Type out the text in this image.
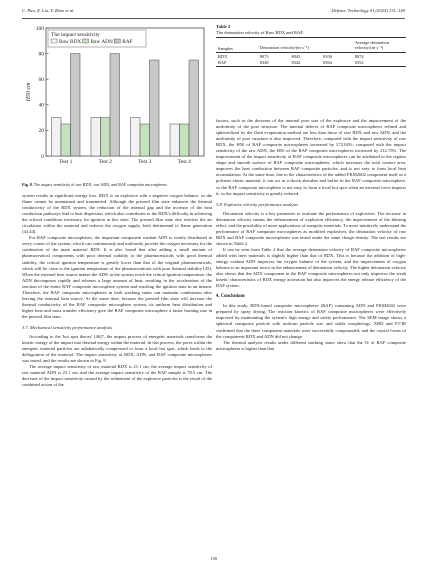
C. Pan, Z. Liu, Y. Zhao et al.	Defence Technology 41 (2025) 131–140
0
20
40
60
80
100
H50 cm
Test 1	Test 2	Test 3	Test 4
The impact sensitivity
Raw RDX Raw ADN RAF
Fig. 8. The impact sensitivity of raw RDX, raw ADN, and RAF composite microspheres.

system results in significant energy loss. RDX is an explosive with a negative oxygen balance, so the flame cannot be maintained and transmitted. Although the pressed film state enhances the thermal conductivity of the RDX system, the reduction of the internal gap and the increase of the heat conduction pathways lead to heat dispersion, which also contributes to the RDX's difficulty in achieving the critical conditions necessary for ignition in this state. The pressed film state also restricts the air circulation within the material and reduces the oxygen supply, both detrimental to flame generation [43,44].

For RAF composite microspheres, the important component oxidant ADN is evenly distributed in every corner of the system, which can continuously and uniformly provide the oxygen necessary for the combustion of the main material RDX. It is also found that after adding a small amount of pharmaceutical components with poor thermal stability to the pharmaceuticals with good thermal stability, the critical ignition temperature is greatly lower than that of the original pharmaceuticals, which will be close to the ignition temperature of the pharmaceuticals with poor thermal stability [45]. When the external heat source makes the ADN in the system reach the critical ignition temperature, the ADN decomposes rapidly and releases a large amount of heat, resulting in the acceleration of the reaction of the entire RAF composite microsphere system and reaching the ignition state in an instant. Therefore, the RAF composite microspheres in both stacking states can maintain combustion after leaving the external heat source. At the same time, because the pressed film state will increase the thermal conductivity of the RAF composite microsphere system, its uniform heat distribution and higher heat and mass transfer efficiency give the RAF composite microsphere a faster burning rate in the pressed film state.

3.7. Mechanical sensitivity performance analysis

According to the 'hot spot theory' [46]7, the impact process of energetic materials transforms the kinetic energy of the impact into thermal energy within the material. In this process, the pores within the energetic material particles are adiabatically compressed to form a local hot spot, which leads to the deflagration of the material. The impact sensitivity of RDX, ADN, and RAF composite microspheres was tested, and the results are shown in Fig. 8.

The average impact sensitivity of raw material RDX is 21.1 cm, the average impact sensitivity of raw material ADN is 25.1 cm, and the average impact sensitivity of the RAF sample is 78.5 cm. The decrease of the impact sensitivity caused by the refinement of the explosive particles is the result of the combined action of the

Table 2
The detonation velocity of Raw RDX and RAF.
Samples	Detonation velocity/(m·s⁻¹)			Average detonation velocity/(m·s⁻¹)
RDX	8073	8043	8106	8074
RAF	8348	8344	8364	8352

factors, such as the decrease of the internal pore size of the explosive and the improvement of the uniformity of the pore structure. The internal defects of RAF composite microspheres refined and spheroidized by the flash evaporation method are less than those of raw RDX and raw ADN, and the uniformity of pore structure is also improved. Therefore, compared with the impact sensitivity of raw RDX, the H50 of RAF composite microspheres increased by 272.04%; compared with the impact sensitivity of the raw ADN, the H50 of the RAF composite microspheres increased by 212.75%. The improvement of the impact sensitivity of RAF composite microspheres can be attributed to the regular shape and smooth surface of RAF composite microspheres, which increases the total contact area, improves the heat conduction between RAF composite particles, and is not easy to form local heat accumulation. At the same time, due to the characteristics of the added FKM2602 component itself as a polymer elastic material, it can act as a shock absorber and buffer in the RAF composite microsphere, so the RAF composite microsphere is not easy to form a local hot spot when an external force impacts it, so the impact sensitivity is greatly reduced.

3.8. Explosive velocity performance analysis

Detonation velocity is a key parameter to evaluate the performance of explosives. The increase in detonation velocity means the enhancement of explosion efficiency, the improvement of the blasting effect, and the possibility of more applications of energetic materials. To more intuitively understand the performance of RAF composite microspheres as modified explosives, the detonation velocity of raw RDX and RAF composite microspheres was tested under the same charge density. The test results are shown in Table 2.

It can be seen from Table 2 that the average detonation velocity of RAF composite microspheres added with inert materials is slightly higher than that of RDX. This is because the addition of high-energy oxidant ADN improves the oxygen balance of the system, and the improvement of oxygen balance is an important factor in the enhancement of detonation velocity. The higher detonation velocity also shows that the ADN component in the RAF composite microspheres not only improves the weak kinetic characteristics of RDX energy activation but also improves the energy release efficiency of the RAF system.

4. Conclusions

In this study, RDX-based composite microspheres (RAF) containing ADN and FKM2602 were prepared by spray drying. The reaction kinetics of RAF composite microspheres were effectively improved by maintaining the system's high energy and safety performance. The SEM image shows a spherical composite particle with uniform particle size and stable morphology. XRD and FT-IR confirmed that the three component materials were successfully compounded, and the crystal forms of the components RDX and ADN did not change.

The thermal analysis results under different stacking states show that the Te of RAF composite microspheres is higher than that

138
